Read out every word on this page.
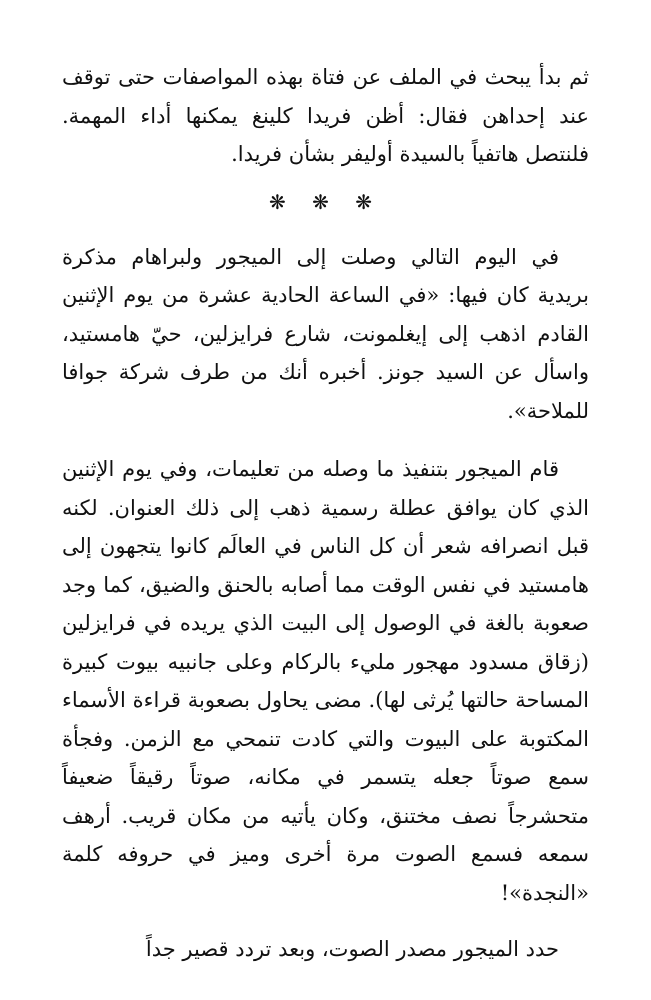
ثم بدأ يبحث في الملف عن فتاة بهذه المواصفات حتى توقف عند إحداهن فقال: أظن فريدا كلينغ يمكنها أداء المهمة. فلنتصل هاتفياً بالسيدة أوليفر بشأن فريدا.

❋ ❋ ❋

في اليوم التالي وصلت إلى الميجور ولبراهام مذكرة بريدية كان فيها: «في الساعة الحادية عشرة من يوم الإثنين القادم اذهب إلى إيغلمونت، شارع فرايزلين، حيّ هامستيد، واسأل عن السيد جونز. أخبره أنك من طرف شركة جوافا للملاحة».

قام الميجور بتنفيذ ما وصله من تعليمات، وفي يوم الإثنين الذي كان يوافق عطلة رسمية ذهب إلى ذلك العنوان. لكنه قبل انصرافه شعر أن كل الناس في العالَم كانوا يتجهون إلى هامستيد في نفس الوقت مما أصابه بالحنق والضيق، كما وجد صعوبة بالغة في الوصول إلى البيت الذي يريده في فرايزلين (زقاق مسدود مهجور مليء بالركام وعلى جانبيه بيوت كبيرة المساحة حالتها يُرثى لها). مضى يحاول بصعوبة قراءة الأسماء المكتوبة على البيوت والتي كادت تنمحي مع الزمن. وفجأة سمع صوتاً جعله يتسمر في مكانه، صوتاً رقيقاً ضعيفاً متحشرجاً نصف مختنق، وكان يأتيه من مكان قريب. أرهف سمعه فسمع الصوت مرة أخرى وميز في حروفه كلمة «النجدة»!

حدد الميجور مصدر الصوت، وبعد تردد قصير جداً
